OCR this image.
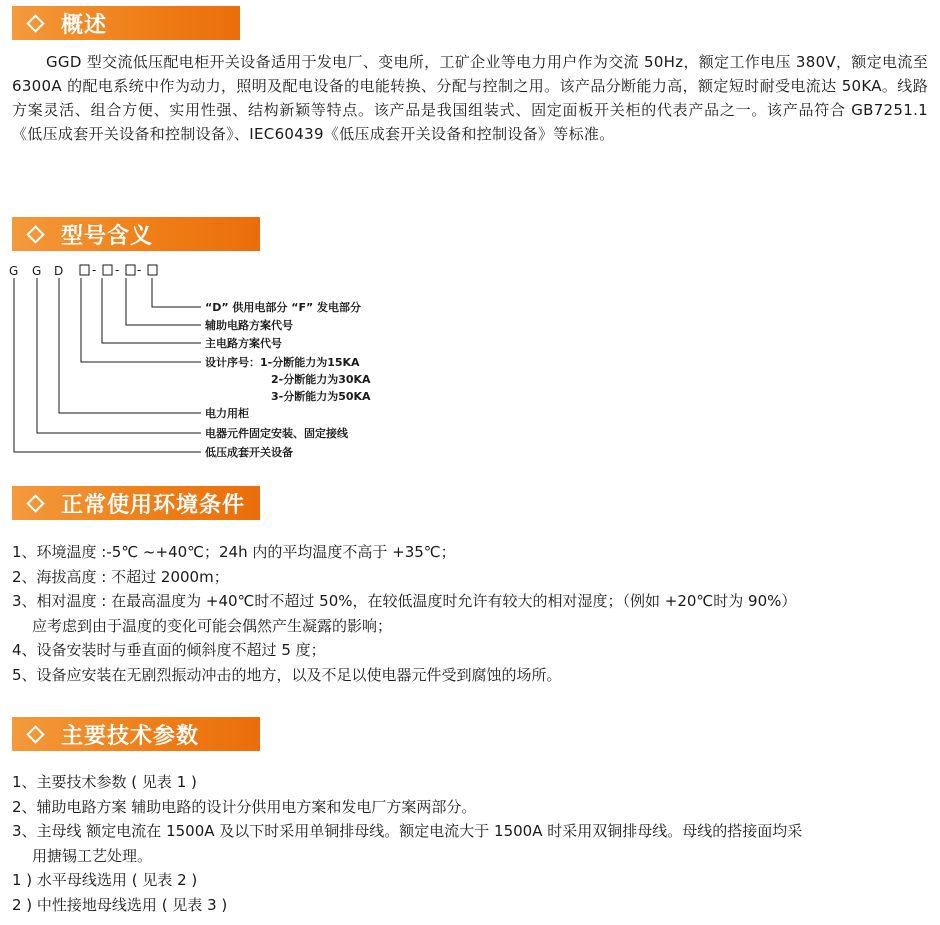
概述
GGD 型交流低压配电柜开关设备适用于发电厂、变电所，工矿企业等电力用户作为交流 50Hz，额定工作电压 380V，额定电流至 6300A 的配电系统中作为动力，照明及配电设备的电能转换、分配与控制之用。该产品分断能力高，额定短时耐受电流达 50KA。线路方案灵活、组合方便、实用性强、结构新颖等特点。该产品是我国组装式、固定面板开关柜的代表产品之一。该产品符合 GB7251.1《低压成套开关设备和控制设备》、IEC60439《低压成套开关设备和控制设备》等标准。
型号含义
G G D - - -
“D” 供用电部分 “F” 发电部分
辅助电路方案代号
主电路方案代号
设计序号：1-分断能力为15KA
2-分断能力为30KA
3-分断能力为50KA
电力用柜
电器元件固定安装、固定接线
低压成套开关设备
正常使用环境条件
1、环境温度 :-5℃ ~+40℃；24h 内的平均温度不高于 +35℃；
2、海拔高度 : 不超过 2000m；
3、相对温度 : 在最高温度为 +40℃时不超过 50%，在较低温度时允许有较大的相对湿度；（例如 +20℃时为 90%）
应考虑到由于温度的变化可能会偶然产生凝露的影响；
4、设备安装时与垂直面的倾斜度不超过 5 度；
5、设备应安装在无剧烈振动冲击的地方，以及不足以使电器元件受到腐蚀的场所。
主要技术参数
1、主要技术参数 ( 见表 1 )
2、辅助电路方案 辅助电路的设计分供用电方案和发电厂方案两部分。
3、主母线 额定电流在 1500A 及以下时采用单铜排母线。额定电流大于 1500A 时采用双铜排母线。母线的搭接面均采
用搪锡工艺处理。
1 ) 水平母线选用 ( 见表 2 )
2 ) 中性接地母线选用 ( 见表 3 )
